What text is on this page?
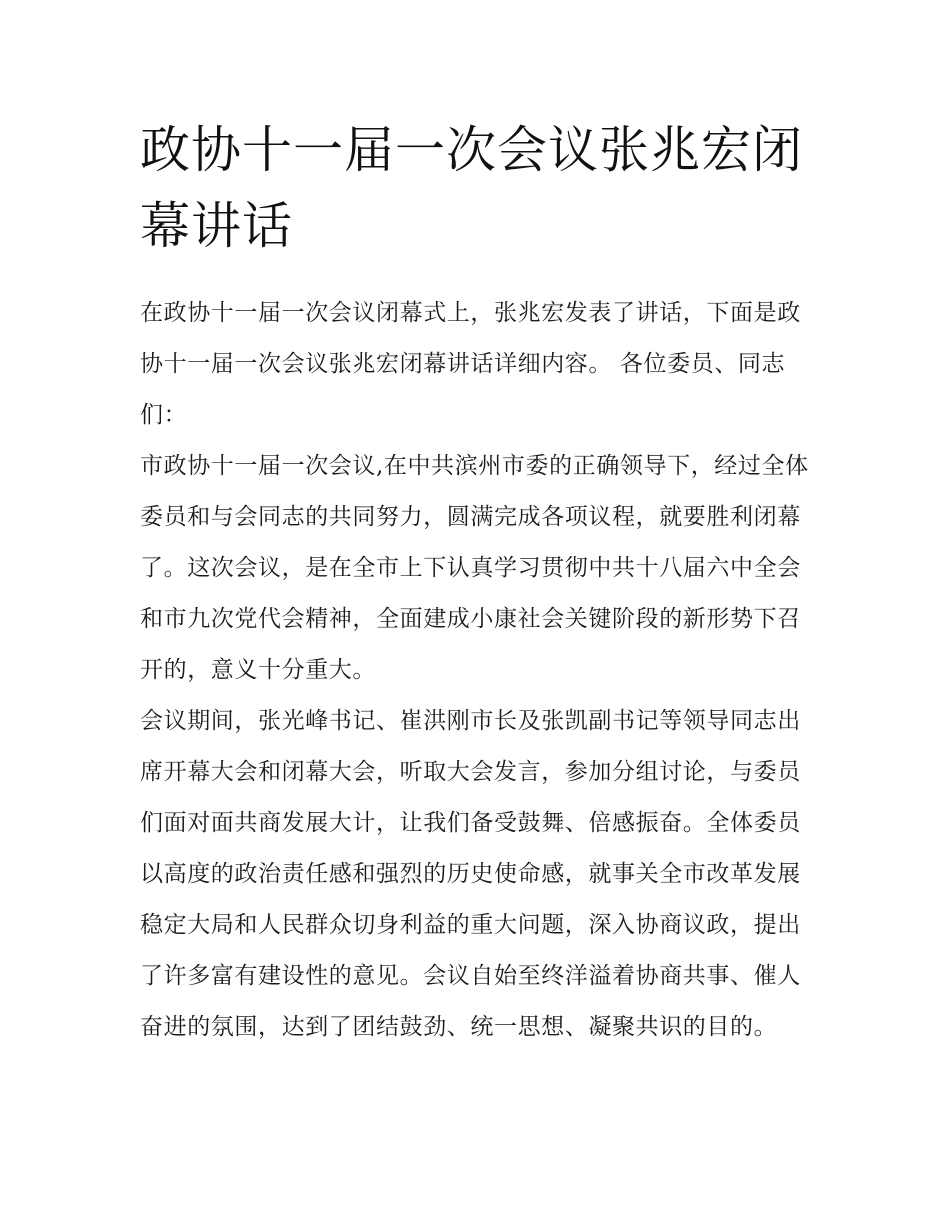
政协十一届一次会议张兆宏闭幕讲话

在政协十一届一次会议闭幕式上，张兆宏发表了讲话，下面是政协十一届一次会议张兆宏闭幕讲话详细内容。 各位委员、同志们：

市政协十一届一次会议,在中共滨州市委的正确领导下，经过全体委员和与会同志的共同努力，圆满完成各项议程，就要胜利闭幕了。这次会议，是在全市上下认真学习贯彻中共十八届六中全会和市九次党代会精神，全面建成小康社会关键阶段的新形势下召开的，意义十分重大。

会议期间，张光峰书记、崔洪刚市长及张凯副书记等领导同志出席开幕大会和闭幕大会，听取大会发言，参加分组讨论，与委员们面对面共商发展大计，让我们备受鼓舞、倍感振奋。全体委员以高度的政治责任感和强烈的历史使命感，就事关全市改革发展稳定大局和人民群众切身利益的重大问题，深入协商议政，提出了许多富有建设性的意见。会议自始至终洋溢着协商共事、催人奋进的氛围，达到了团结鼓劲、统一思想、凝聚共识的目的。
